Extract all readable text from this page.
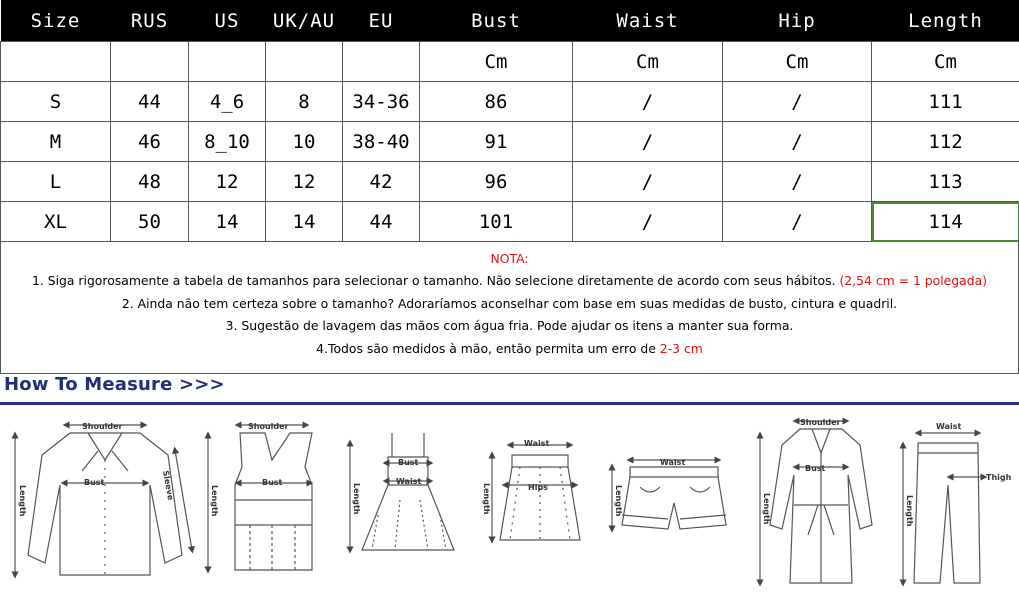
Size	RUS	US	UK/AU	EU	Bust	Waist	Hip	Length
					Cm	Cm	Cm	Cm
S	44	4_6	8	34-36	86	/	/	111
M	46	8_10	10	38-40	91	/	/	112
L	48	12	12	42	96	/	/	113
XL	50	14	14	44	101	/	/	114
NOTA:
1. Siga rigorosamente a tabela de tamanhos para selecionar o tamanho. Não selecione diretamente de acordo com seus hábitos. (2,54 cm = 1 polegada)
2. Ainda não tem certeza sobre o tamanho? Adoraríamos aconselhar com base em suas medidas de busto, cintura e quadril.
3. Sugestão de lavagem das mãos com água fria. Pode ajudar os itens a manter sua forma.
4.Todos são medidos à mão, então permita um erro de 2-3 cm
How To Measure >>>
Shoulder
Bust	Sleeve
Length
Shoulder
Bust
Length
Bust
Waist
Length
Waist
Hips
Length
Waist
Length
Shoulder
Bust
Length
Waist
Thigh
Length
